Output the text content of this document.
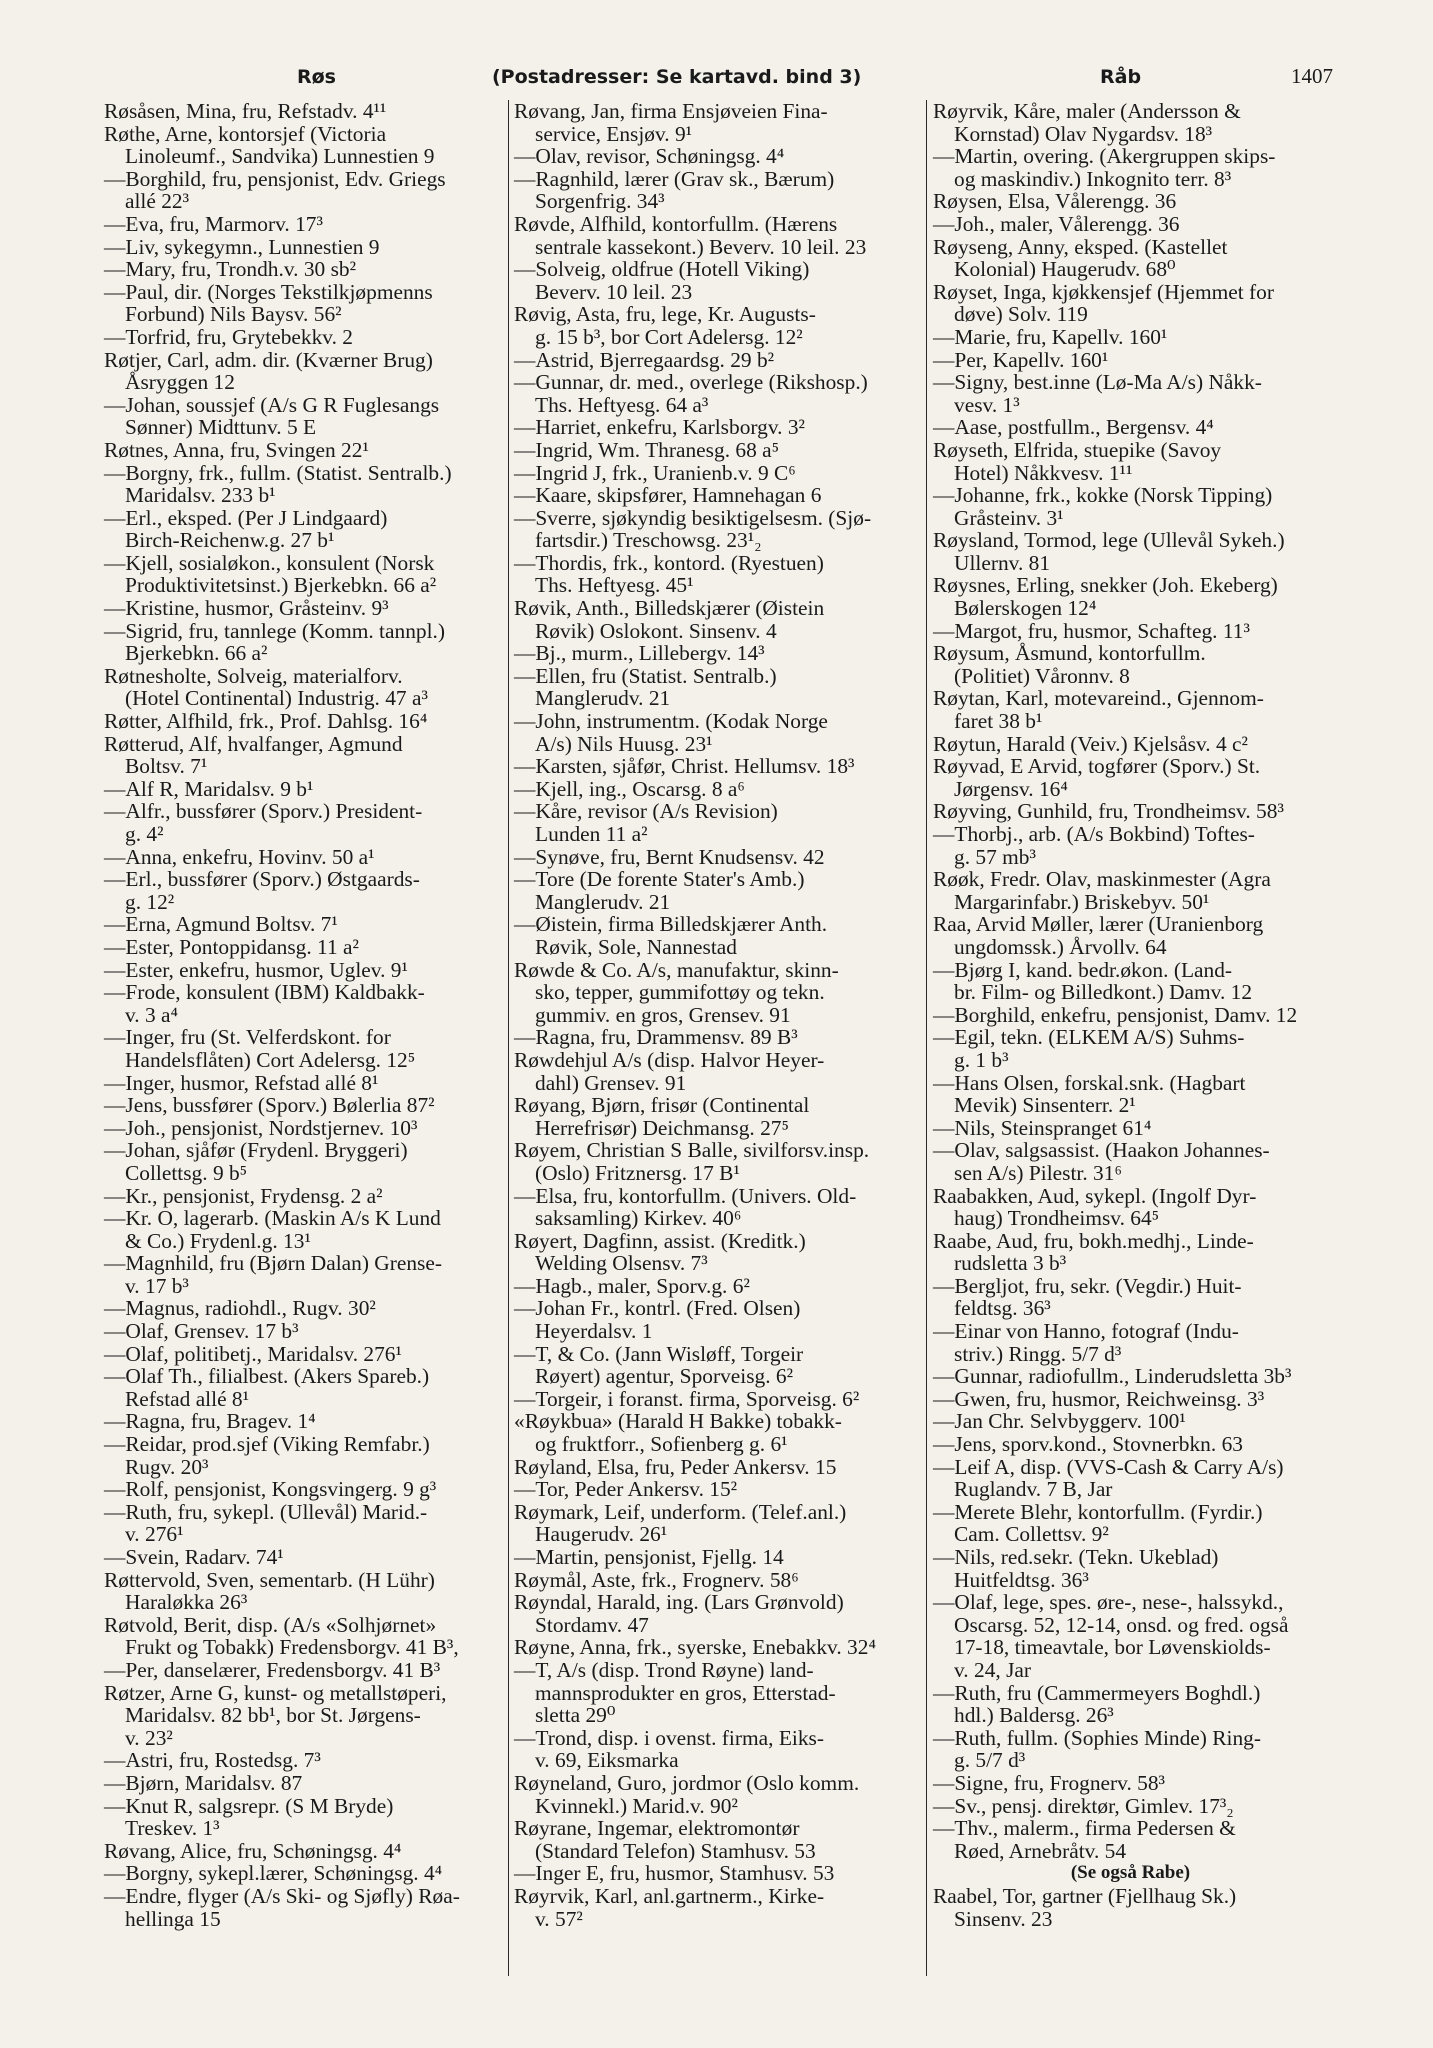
Røs	(Postadresser: Se kartavd. bind 3)	Råb	1407
Røsåsen, Mina, fru, Refstadv. 4¹¹
Røthe, Arne, kontorsjef (Victoria
Linoleumf., Sandvika) Lunnestien 9
—Borghild, fru, pensjonist, Edv. Griegs
allé 22³
—Eva, fru, Marmorv. 17³
—Liv, sykegymn., Lunnestien 9
—Mary, fru, Trondh.v. 30 sb²
—Paul, dir. (Norges Tekstilkjøpmenns
Forbund) Nils Baysv. 56²
—Torfrid, fru, Grytebekkv. 2
Røtjer, Carl, adm. dir. (Kværner Brug)
Åsryggen 12
—Johan, soussjef (A/s G R Fuglesangs
Sønner) Midttunv. 5 E
Røtnes, Anna, fru, Svingen 22¹
—Borgny, frk., fullm. (Statist. Sentralb.)
Maridalsv. 233 b¹
—Erl., eksped. (Per J Lindgaard)
Birch-Reichenw.g. 27 b¹
—Kjell, sosialøkon., konsulent (Norsk
Produktivitetsinst.) Bjerkebkn. 66 a²
—Kristine, husmor, Gråsteinv. 9³
—Sigrid, fru, tannlege (Komm. tannpl.)
Bjerkebkn. 66 a²
Røtnesholte, Solveig, materialforv.
(Hotel Continental) Industrig. 47 a³
Røtter, Alfhild, frk., Prof. Dahlsg. 16⁴
Røtterud, Alf, hvalfanger, Agmund
Boltsv. 7¹
—Alf R, Maridalsv. 9 b¹
—Alfr., bussfører (Sporv.) President-
g. 4²
—Anna, enkefru, Hovinv. 50 a¹
—Erl., bussfører (Sporv.) Østgaards-
g. 12²
—Erna, Agmund Boltsv. 7¹
—Ester, Pontoppidansg. 11 a²
—Ester, enkefru, husmor, Uglev. 9¹
—Frode, konsulent (IBM) Kaldbakk-
v. 3 a⁴
—Inger, fru (St. Velferdskont. for
Handelsflåten) Cort Adelersg. 12⁵
—Inger, husmor, Refstad allé 8¹
—Jens, bussfører (Sporv.) Bølerlia 87²
—Joh., pensjonist, Nordstjernev. 10³
—Johan, sjåfør (Frydenl. Bryggeri)
Collettsg. 9 b⁵
—Kr., pensjonist, Frydensg. 2 a²
—Kr. O, lagerarb. (Maskin A/s K Lund
& Co.) Frydenl.g. 13¹
—Magnhild, fru (Bjørn Dalan) Grense-
v. 17 b³
—Magnus, radiohdl., Rugv. 30²
—Olaf, Grensev. 17 b³
—Olaf, politibetj., Maridalsv. 276¹
—Olaf Th., filialbest. (Akers Spareb.)
Refstad allé 8¹
—Ragna, fru, Bragev. 1⁴
—Reidar, prod.sjef (Viking Remfabr.)
Rugv. 20³
—Rolf, pensjonist, Kongsvingerg. 9 g³
—Ruth, fru, sykepl. (Ullevål) Marid.-
v. 276¹
—Svein, Radarv. 74¹
Røttervold, Sven, sementarb. (H Lühr)
Haraløkka 26³
Røtvold, Berit, disp. (A/s «Solhjørnet»
Frukt og Tobakk) Fredensborgv. 41 B³,
—Per, danselærer, Fredensborgv. 41 B³
Røtzer, Arne G, kunst- og metallstøperi,
Maridalsv. 82 bb¹, bor St. Jørgens-
v. 23²
—Astri, fru, Rostedsg. 7³
—Bjørn, Maridalsv. 87
—Knut R, salgsrepr. (S M Bryde)
Treskev. 1³
Røvang, Alice, fru, Schøningsg. 4⁴
—Borgny, sykepl.lærer, Schøningsg. 4⁴
—Endre, flyger (A/s Ski- og Sjøfly) Røa-
hellinga 15
Røvang, Jan, firma Ensjøveien Fina-
service, Ensjøv. 9¹
—Olav, revisor, Schøningsg. 4⁴
—Ragnhild, lærer (Grav sk., Bærum)
Sorgenfrig. 34³
Røvde, Alfhild, kontorfullm. (Hærens
sentrale kassekont.) Beverv. 10 leil. 23
—Solveig, oldfrue (Hotell Viking)
Beverv. 10 leil. 23
Røvig, Asta, fru, lege, Kr. Augusts-
g. 15 b³, bor Cort Adelersg. 12²
—Astrid, Bjerregaardsg. 29 b²
—Gunnar, dr. med., overlege (Rikshosp.)
Ths. Heftyesg. 64 a³
—Harriet, enkefru, Karlsborgv. 3²
—Ingrid, Wm. Thranesg. 68 a⁵
—Ingrid J, frk., Uranienb.v. 9 C⁶
—Kaare, skipsfører, Hamnehagan 6
—Sverre, sjøkyndig besiktigelsesm. (Sjø-
fartsdir.) Treschowsg. 23¹₂
—Thordis, frk., kontord. (Ryestuen)
Ths. Heftyesg. 45¹
Røvik, Anth., Billedskjærer (Øistein
Røvik) Oslokont. Sinsenv. 4
—Bj., murm., Lillebergv. 14³
—Ellen, fru (Statist. Sentralb.)
Manglerudv. 21
—John, instrumentm. (Kodak Norge
A/s) Nils Huusg. 23¹
—Karsten, sjåfør, Christ. Hellumsv. 18³
—Kjell, ing., Oscarsg. 8 a⁶
—Kåre, revisor (A/s Revision)
Lunden 11 a²
—Synøve, fru, Bernt Knudsensv. 42
—Tore (De forente Stater's Amb.)
Manglerudv. 21
—Øistein, firma Billedskjærer Anth.
Røvik, Sole, Nannestad
Røwde & Co. A/s, manufaktur, skinn-
sko, tepper, gummifottøy og tekn.
gummiv. en gros, Grensev. 91
—Ragna, fru, Drammensv. 89 B³
Røwdehjul A/s (disp. Halvor Heyer-
dahl) Grensev. 91
Røyang, Bjørn, frisør (Continental
Herrefrisør) Deichmansg. 27⁵
Røyem, Christian S Balle, sivilforsv.insp.
(Oslo) Fritznersg. 17 B¹
—Elsa, fru, kontorfullm. (Univers. Old-
saksamling) Kirkev. 40⁶
Røyert, Dagfinn, assist. (Kreditk.)
Welding Olsensv. 7³
—Hagb., maler, Sporv.g. 6²
—Johan Fr., kontrl. (Fred. Olsen)
Heyerdalsv. 1
—T, & Co. (Jann Wisløff, Torgeir
Røyert) agentur, Sporveisg. 6²
—Torgeir, i foranst. firma, Sporveisg. 6²
«Røykbua» (Harald H Bakke) tobakk-
og fruktforr., Sofienberg g. 6¹
Røyland, Elsa, fru, Peder Ankersv. 15
—Tor, Peder Ankersv. 15²
Røymark, Leif, underform. (Telef.anl.)
Haugerudv. 26¹
—Martin, pensjonist, Fjellg. 14
Røymål, Aste, frk., Frognerv. 58⁶
Røyndal, Harald, ing. (Lars Grønvold)
Stordamv. 47
Røyne, Anna, frk., syerske, Enebakkv. 32⁴
—T, A/s (disp. Trond Røyne) land-
mannsprodukter en gros, Etterstad-
sletta 29⁰
—Trond, disp. i ovenst. firma, Eiks-
v. 69, Eiksmarka
Røyneland, Guro, jordmor (Oslo komm.
Kvinnekl.) Marid.v. 90²
Røyrane, Ingemar, elektromontør
(Standard Telefon) Stamhusv. 53
—Inger E, fru, husmor, Stamhusv. 53
Røyrvik, Karl, anl.gartnerm., Kirke-
v. 57²
Røyrvik, Kåre, maler (Andersson &
Kornstad) Olav Nygardsv. 18³
—Martin, overing. (Akergruppen skips-
og maskindiv.) Inkognito terr. 8³
Røysen, Elsa, Vålerengg. 36
—Joh., maler, Vålerengg. 36
Røyseng, Anny, eksped. (Kastellet
Kolonial) Haugerudv. 68⁰
Røyset, Inga, kjøkkensjef (Hjemmet for
døve) Solv. 119
—Marie, fru, Kapellv. 160¹
—Per, Kapellv. 160¹
—Signy, best.inne (Lø-Ma A/s) Nåkk-
vesv. 1³
—Aase, postfullm., Bergensv. 4⁴
Røyseth, Elfrida, stuepike (Savoy
Hotel) Nåkkvesv. 1¹¹
—Johanne, frk., kokke (Norsk Tipping)
Gråsteinv. 3¹
Røysland, Tormod, lege (Ullevål Sykeh.)
Ullernv. 81
Røysnes, Erling, snekker (Joh. Ekeberg)
Bølerskogen 12⁴
—Margot, fru, husmor, Schafteg. 11³
Røysum, Åsmund, kontorfullm.
(Politiet) Våronnv. 8
Røytan, Karl, motevareind., Gjennom-
faret 38 b¹
Røytun, Harald (Veiv.) Kjelsåsv. 4 c²
Røyvad, E Arvid, togfører (Sporv.) St.
Jørgensv. 16⁴
Røyving, Gunhild, fru, Trondheimsv. 58³
—Thorbj., arb. (A/s Bokbind) Toftes-
g. 57 mb³
Røøk, Fredr. Olav, maskinmester (Agra
Margarinfabr.) Briskebyv. 50¹
Raa, Arvid Møller, lærer (Uranienborg
ungdomssk.) Årvollv. 64
—Bjørg I, kand. bedr.økon. (Land-
br. Film- og Billedkont.) Damv. 12
—Borghild, enkefru, pensjonist, Damv. 12
—Egil, tekn. (ELKEM A/S) Suhms-
g. 1 b³
—Hans Olsen, forskal.snk. (Hagbart
Mevik) Sinsenterr. 2¹
—Nils, Steinspranget 61⁴
—Olav, salgsassist. (Haakon Johannes-
sen A/s) Pilestr. 31⁶
Raabakken, Aud, sykepl. (Ingolf Dyr-
haug) Trondheimsv. 64⁵
Raabe, Aud, fru, bokh.medhj., Linde-
rudsletta 3 b³
—Bergljot, fru, sekr. (Vegdir.) Huit-
feldtsg. 36³
—Einar von Hanno, fotograf (Indu-
striv.) Ringg. 5/7 d³
—Gunnar, radiofullm., Linderudsletta 3b³
—Gwen, fru, husmor, Reichweinsg. 3³
—Jan Chr. Selvbyggerv. 100¹
—Jens, sporv.kond., Stovnerbkn. 63
—Leif A, disp. (VVS-Cash & Carry A/s)
Ruglandv. 7 B, Jar
—Merete Blehr, kontorfullm. (Fyrdir.)
Cam. Collettsv. 9²
—Nils, red.sekr. (Tekn. Ukeblad)
Huitfeldtsg. 36³
—Olaf, lege, spes. øre-, nese-, halssykd.,
Oscarsg. 52, 12-14, onsd. og fred. også
17-18, timeavtale, bor Løvenskiolds-
v. 24, Jar
—Ruth, fru (Cammermeyers Boghdl.)
hdl.) Baldersg. 26³
—Ruth, fullm. (Sophies Minde) Ring-
g. 5/7 d³
—Signe, fru, Frognerv. 58³
—Sv., pensj. direktør, Gimlev. 17³₂
—Thv., malerm., firma Pedersen &
Røed, Arnebråtv. 54
(Se også Rabe)
Raabel, Tor, gartner (Fjellhaug Sk.)
Sinsenv. 23
